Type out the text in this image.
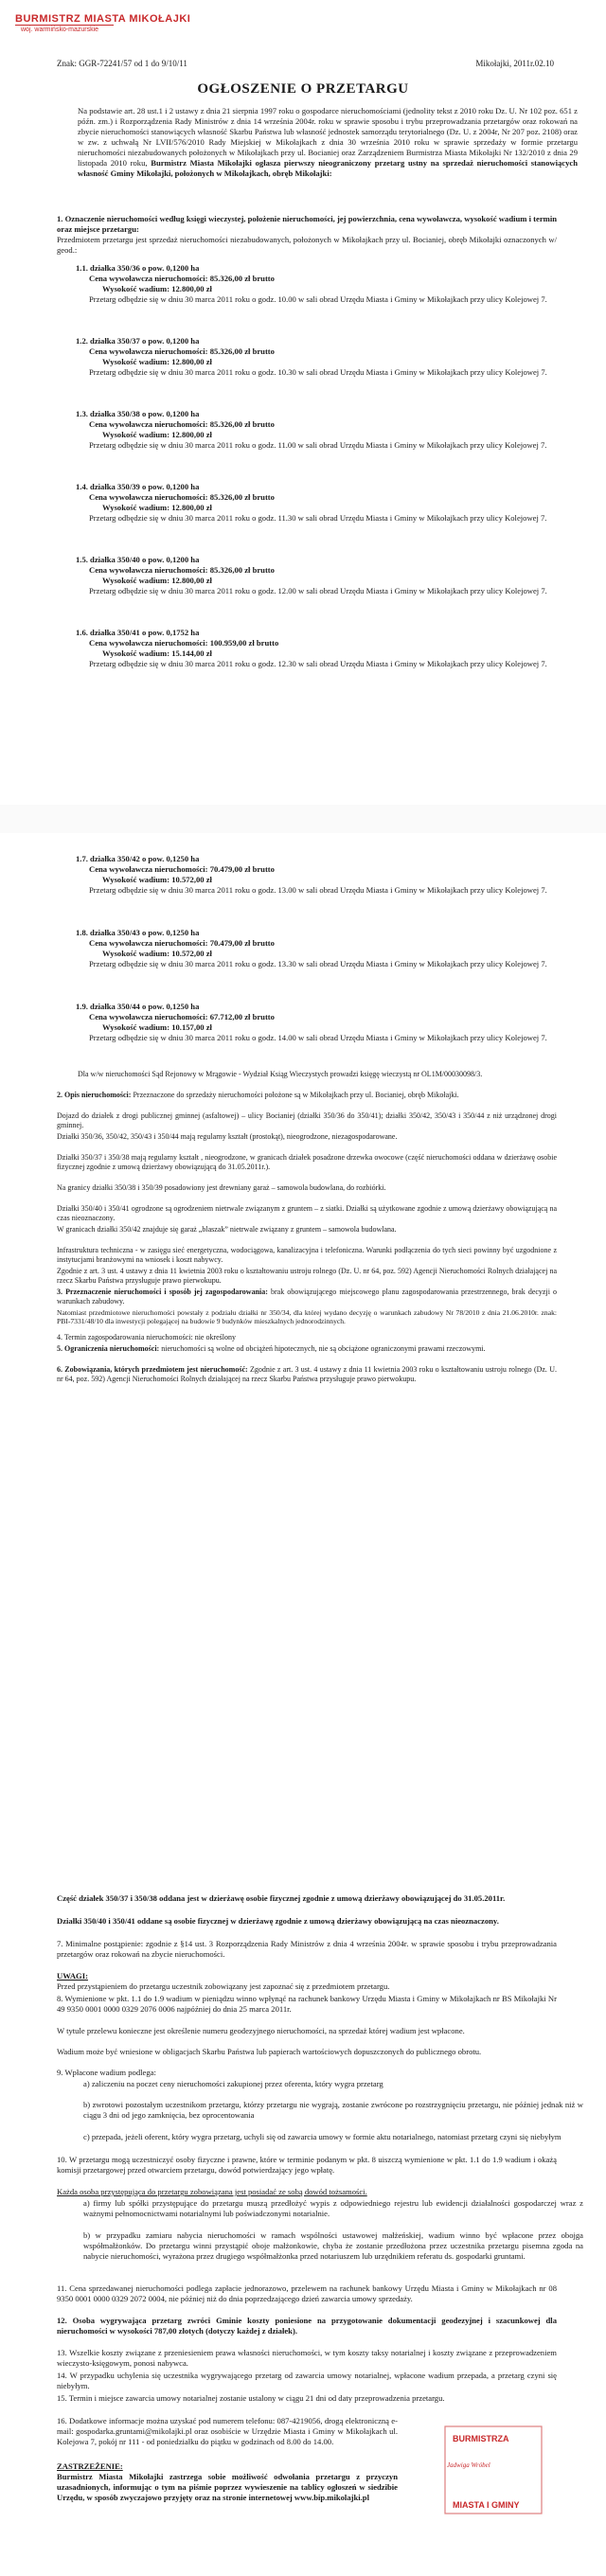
BURMISTRZ MIASTA MIKOŁAJKI
woj. warmińsko-mazurskie
Znak: GGR-72241/57 od 1 do 9/10/11	Mikołajki, 2011r.02.10
OGŁOSZENIE O PRZETARGU

Na podstawie art. 28 ust.1 i 2 ustawy z dnia 21 sierpnia 1997 roku o gospodarce nieruchomościami (jednolity tekst z 2010 roku Dz. U. Nr 102 poz. 651 z późn. zm.) i Rozporządzenia Rady Ministrów z dnia 14 września 2004r. roku w sprawie sposobu i trybu przeprowadzania przetargów oraz rokowań na zbycie nieruchomości stanowiących własność Skarbu Państwa lub własność jednostek samorządu terytorialnego (Dz. U. z 2004r, Nr 207 poz. 2108) oraz w zw. z uchwałą Nr LVII/576/2010 Rady Miejskiej w Mikołajkach z dnia 30 września 2010 roku w sprawie sprzedaży w formie przetargu nieruchomości niezabudowanych położonych w Mikołajkach przy ul. Bocianiej oraz Zarządzeniem Burmistrza Miasta Mikołajki Nr 132/2010 z dnia 29 listopada 2010 roku, Burmistrz Miasta Mikołajki ogłasza pierwszy nieograniczony przetarg ustny na sprzedaż nieruchomości stanowiących własność Gminy Mikołajki, położonych w Mikołajkach, obręb Mikołajki:

1. Oznaczenie nieruchomości według księgi wieczystej, położenie nieruchomości, jej powierzchnia, cena wywoławcza, wysokość wadium i termin oraz miejsce przetargu:

Przedmiotem przetargu jest sprzedaż nieruchomości niezabudowanych, położonych w Mikołajkach przy ul. Bocianiej, obręb Mikołajki oznaczonych w/ geod.:

1.1. działka 350/36 o pow. 0,1200 ha
Cena wywoławcza nieruchomości: 85.326,00 zł brutto
Wysokość wadium: 12.800,00 zł
Przetarg odbędzie się w dniu 30 marca 2011 roku o godz. 10.00 w sali obrad Urzędu Miasta i Gminy w Mikołajkach przy ulicy Kolejowej 7.
1.2. działka 350/37 o pow. 0,1200 ha
Cena wywoławcza nieruchomości: 85.326,00 zł brutto
Wysokość wadium: 12.800,00 zł
Przetarg odbędzie się w dniu 30 marca 2011 roku o godz. 10.30 w sali obrad Urzędu Miasta i Gminy w Mikołajkach przy ulicy Kolejowej 7.
1.3. działka 350/38 o pow. 0,1200 ha
Cena wywoławcza nieruchomości: 85.326,00 zł brutto
Wysokość wadium: 12.800,00 zł
Przetarg odbędzie się w dniu 30 marca 2011 roku o godz. 11.00 w sali obrad Urzędu Miasta i Gminy w Mikołajkach przy ulicy Kolejowej 7.
1.4. działka 350/39 o pow. 0,1200 ha
Cena wywoławcza nieruchomości: 85.326,00 zł brutto
Wysokość wadium: 12.800,00 zł
Przetarg odbędzie się w dniu 30 marca 2011 roku o godz. 11.30 w sali obrad Urzędu Miasta i Gminy w Mikołajkach przy ulicy Kolejowej 7.
1.5. działka 350/40 o pow. 0,1200 ha
Cena wywoławcza nieruchomości: 85.326,00 zł brutto
Wysokość wadium: 12.800,00 zł
Przetarg odbędzie się w dniu 30 marca 2011 roku o godz. 12.00 w sali obrad Urzędu Miasta i Gminy w Mikołajkach przy ulicy Kolejowej 7.
1.6. działka 350/41 o pow. 0,1752 ha
Cena wywoławcza nieruchomości: 100.959,00 zł brutto
Wysokość wadium: 15.144,00 zł
Przetarg odbędzie się w dniu 30 marca 2011 roku o godz. 12.30 w sali obrad Urzędu Miasta i Gminy w Mikołajkach przy ulicy Kolejowej 7.
1.7. działka 350/42 o pow. 0,1250 ha
Cena wywoławcza nieruchomości: 70.479,00 zł brutto
Wysokość wadium: 10.572,00 zł
Przetarg odbędzie się w dniu 30 marca 2011 roku o godz. 13.00 w sali obrad Urzędu Miasta i Gminy w Mikołajkach przy ulicy Kolejowej 7.
1.8. działka 350/43 o pow. 0,1250 ha
Cena wywoławcza nieruchomości: 70.479,00 zł brutto
Wysokość wadium: 10.572,00 zł
Przetarg odbędzie się w dniu 30 marca 2011 roku o godz. 13.30 w sali obrad Urzędu Miasta i Gminy w Mikołajkach przy ulicy Kolejowej 7.
1.9. działka 350/44 o pow. 0,1250 ha
Cena wywoławcza nieruchomości: 67.712,00 zł brutto
Wysokość wadium: 10.157,00 zł
Przetarg odbędzie się w dniu 30 marca 2011 roku o godz. 14.00 w sali obrad Urzędu Miasta i Gminy w Mikołajkach przy ulicy Kolejowej 7.

Dla w/w nieruchomości Sąd Rejonowy w Mrągowie - Wydział Ksiąg Wieczystych prowadzi księgę wieczystą nr OL1M/00030098/3.

2. Opis nieruchomości: Przeznaczone do sprzedaży nieruchomości położone są w Mikołajkach przy ul. Bocianiej, obręb Mikołajki.

Dojazd do działek z drogi publicznej gminnej (asfaltowej) – ulicy Bocianiej (działki 350/36 do 350/41); działki 350/42, 350/43 i 350/44 z niż urządzonej drogi gminnej.

Działki 350/36, 350/42, 350/43 i 350/44 mają regularny kształt (prostokąt), nieogrodzone, niezagospodarowane.

Działki 350/37 i 350/38 mają regularny kształt , nieogrodzone, w granicach działek posadzone drzewka owocowe (część nieruchomości oddana w dzierżawę osobie fizycznej zgodnie z umową dzierżawy obowiązującą do 31.05.2011r.).

Na granicy działki 350/38 i 350/39 posadowiony jest drewniany garaż – samowola budowlana, do rozbiórki.

Działki 350/40 i 350/41 ogrodzone są ogrodzeniem nietrwale związanym z gruntem – z siatki. Działki są użytkowane zgodnie z umową dzierżawy obowiązującą na czas nieoznaczony.

W granicach działki 350/42 znajduje się garaż „blaszak” nietrwale związany z gruntem – samowola budowlana.

Infrastruktura techniczna - w zasięgu sieć energetyczna, wodociągowa, kanalizacyjna i telefoniczna. Warunki podłączenia do tych sieci powinny być uzgodnione z instytucjami branżowymi na wniosek i koszt nabywcy.

Zgodnie z art. 3 ust. 4 ustawy z dnia 11 kwietnia 2003 roku o kształtowaniu ustroju rolnego (Dz. U. nr 64, poz. 592) Agencji Nieruchomości Rolnych działającej na rzecz Skarbu Państwa przysługuje prawo pierwokupu.

3. Przeznaczenie nieruchomości i sposób jej zagospodarowania: brak obowiązującego miejscowego planu zagospodarowania przestrzennego, brak decyzji o warunkach zabudowy.

Natomiast przedmiotowe nieruchomości powstały z podziału działki nr 350/34, dla której wydano decyzję o warunkach zabudowy Nr 78/2010 z dnia 21.06.2010r. znak: PBI-7331/48/10 dla inwestycji polegającej na budowie 9 budynków mieszkalnych jednorodzinnych.

4. Termin zagospodarowania nieruchomości: nie określony

5. Ograniczenia nieruchomości: nieruchomości są wolne od obciążeń hipotecznych, nie są obciążone ograniczonymi prawami rzeczowymi.

6. Zobowiązania, których przedmiotem jest nieruchomość: Zgodnie z art. 3 ust. 4 ustawy z dnia 11 kwietnia 2003 roku o kształtowaniu ustroju rolnego (Dz. U. nr 64, poz. 592) Agencji Nieruchomości Rolnych działającej na rzecz Skarbu Państwa przysługuje prawo pierwokupu.

Część działek 350/37 i 350/38 oddana jest w dzierżawę osobie fizycznej zgodnie z umową dzierżawy obowiązującej do 31.05.2011r.

Działki 350/40 i 350/41 oddane są osobie fizycznej w dzierżawę zgodnie z umową dzierżawy obowiązującą na czas nieoznaczony.

7. Minimalne postąpienie: zgodnie z §14 ust. 3 Rozporządzenia Rady Ministrów z dnia 4 września 2004r. w sprawie sposobu i trybu przeprowadzania przetargów oraz rokowań na zbycie nieruchomości.

UWAGI:
Przed przystąpieniem do przetargu uczestnik zobowiązany jest zapoznać się z przedmiotem przetargu.

8. Wymienione w pkt. 1.1 do 1.9 wadium w pieniądzu winno wpłynąć na rachunek bankowy Urzędu Miasta i Gminy w Mikołajkach nr BS Mikołajki Nr 49 9350 0001 0000 0329 2076 0006 najpóźniej do dnia 25 marca 2011r.

W tytule przelewu konieczne jest określenie numeru geodezyjnego nieruchomości, na sprzedaż której wadium jest wpłacone.

Wadium może być wniesione w obligacjach Skarbu Państwa lub papierach wartościowych dopuszczonych do publicznego obrotu.

9. Wpłacone wadium podlega:

a) zaliczeniu na poczet ceny nieruchomości zakupionej przez oferenta, który wygra przetarg

b) zwrotowi pozostałym uczestnikom przetargu, którzy przetargu nie wygrają, zostanie zwrócone po rozstrzygnięciu przetargu, nie później jednak niż w ciągu 3 dni od jego zamknięcia, bez oprocentowania

c) przepada, jeżeli oferent, który wygra przetarg, uchyli się od zawarcia umowy w formie aktu notarialnego, natomiast przetarg czyni się niebyłym

10. W przetargu mogą uczestniczyć osoby fizyczne i prawne, które w terminie podanym w pkt. 8 uiszczą wymienione w pkt. 1.1 do 1.9 wadium i okażą komisji przetargowej przed otwarciem przetargu, dowód potwierdzający jego wpłatę.

Każda osoba przystępująca do przetargu zobowiązana jest posiadać ze sobą dowód tożsamości.

a) firmy lub spółki przystępujące do przetargu muszą przedłożyć wypis z odpowiedniego rejestru lub ewidencji działalności gospodarczej wraz z ważnymi pełnomocnictwami notarialnymi lub poświadczonymi notarialnie.

b) w przypadku zamiaru nabycia nieruchomości w ramach wspólności ustawowej małżeńskiej, wadium winno być wpłacone przez obojga współmałżonków. Do przetargu winni przystąpić oboje małżonkowie, chyba że zostanie przedłożona przez uczestnika przetargu pisemna zgoda na nabycie nieruchomości, wyrażona przez drugiego współmałżonka przed notariuszem lub urzędnikiem referatu ds. gospodarki gruntami.

11. Cena sprzedawanej nieruchomości podlega zapłacie jednorazowo, przelewem na rachunek bankowy Urzędu Miasta i Gminy w Mikołajkach nr 08 9350 0001 0000 0329 2072 0004, nie później niż do dnia poprzedzającego dzień zawarcia umowy sprzedaży.

12. Osoba wygrywająca przetarg zwróci Gminie koszty poniesione na przygotowanie dokumentacji geodezyjnej i szacunkowej dla nieruchomości w wysokości 787,00 złotych (dotyczy każdej z działek).

13. Wszelkie koszty związane z przeniesieniem prawa własności nieruchomości, w tym koszty taksy notarialnej i koszty związane z przeprowadzeniem wieczysto-księgowym, ponosi nabywca.

14. W przypadku uchylenia się uczestnika wygrywającego przetarg od zawarcia umowy notarialnej, wpłacone wadium przepada, a przetarg czyni się niebyłym.

15. Termin i miejsce zawarcia umowy notarialnej zostanie ustalony w ciągu 21 dni od daty przeprowadzenia przetargu.

16. Dodatkowe informacje można uzyskać pod numerem telefonu: 087-4219056, drogą elektroniczną e-mail: gospodarka.gruntami@mikolajki.pl oraz osobiście w Urzędzie Miasta i Gminy w Mikołajkach ul. Kolejowa 7, pokój nr 111 - od poniedziałku do piątku w godzinach od 8.00 do 14.00.

ZASTRZEŻENIE:
Burmistrz Miasta Mikołajki zastrzega sobie możliwość odwołania przetargu z przyczyn uzasadnionych, informując o tym na piśmie poprzez wywieszenie na tablicy ogłoszeń w siedzibie Urzędu, w sposób zwyczajowo przyjęty oraz na stronie internetowej www.bip.mikolajki.pl

BURMISTRZA
Jadwiga Wróbel
MIASTA I GMINY
